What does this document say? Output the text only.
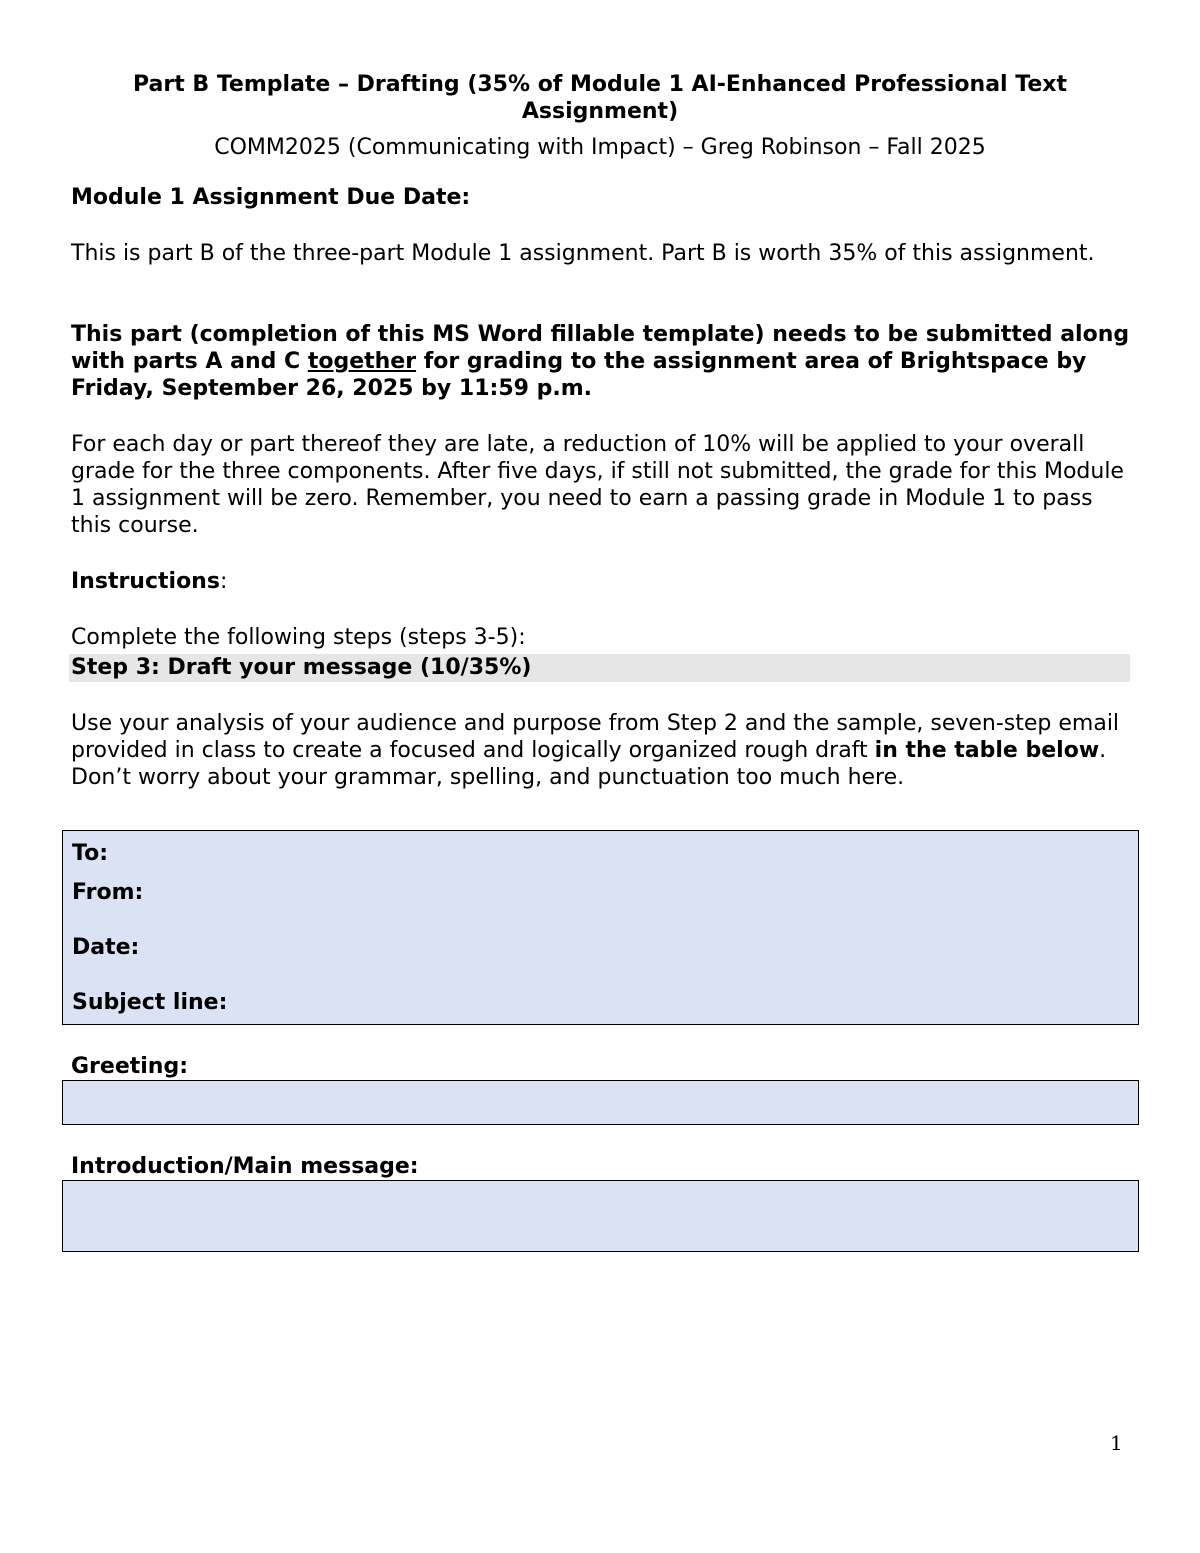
Part B Template – Drafting (35% of Module 1 AI-Enhanced Professional Text Assignment)
COMM2025 (Communicating with Impact) – Greg Robinson – Fall 2025

Module 1 Assignment Due Date:

This is part B of the three-part Module 1 assignment. Part B is worth 35% of this assignment.

This part (completion of this MS Word fillable template) needs to be submitted along with parts A and C together for grading to the assignment area of Brightspace by Friday, September 26, 2025 by 11:59 p.m.

For each day or part thereof they are late, a reduction of 10% will be applied to your overall grade for the three components. After five days, if still not submitted, the grade for this Module 1 assignment will be zero. Remember, you need to earn a passing grade in Module 1 to pass this course.

Instructions:

Complete the following steps (steps 3-5):

Step 3: Draft your message (10/35%)

Use your analysis of your audience and purpose from Step 2 and the sample, seven-step email provided in class to create a focused and logically organized rough draft in the table below. Don’t worry about your grammar, spelling, and punctuation too much here.

To:
From:
Date:
Subject line:
Greeting:
Introduction/Main message:
1
